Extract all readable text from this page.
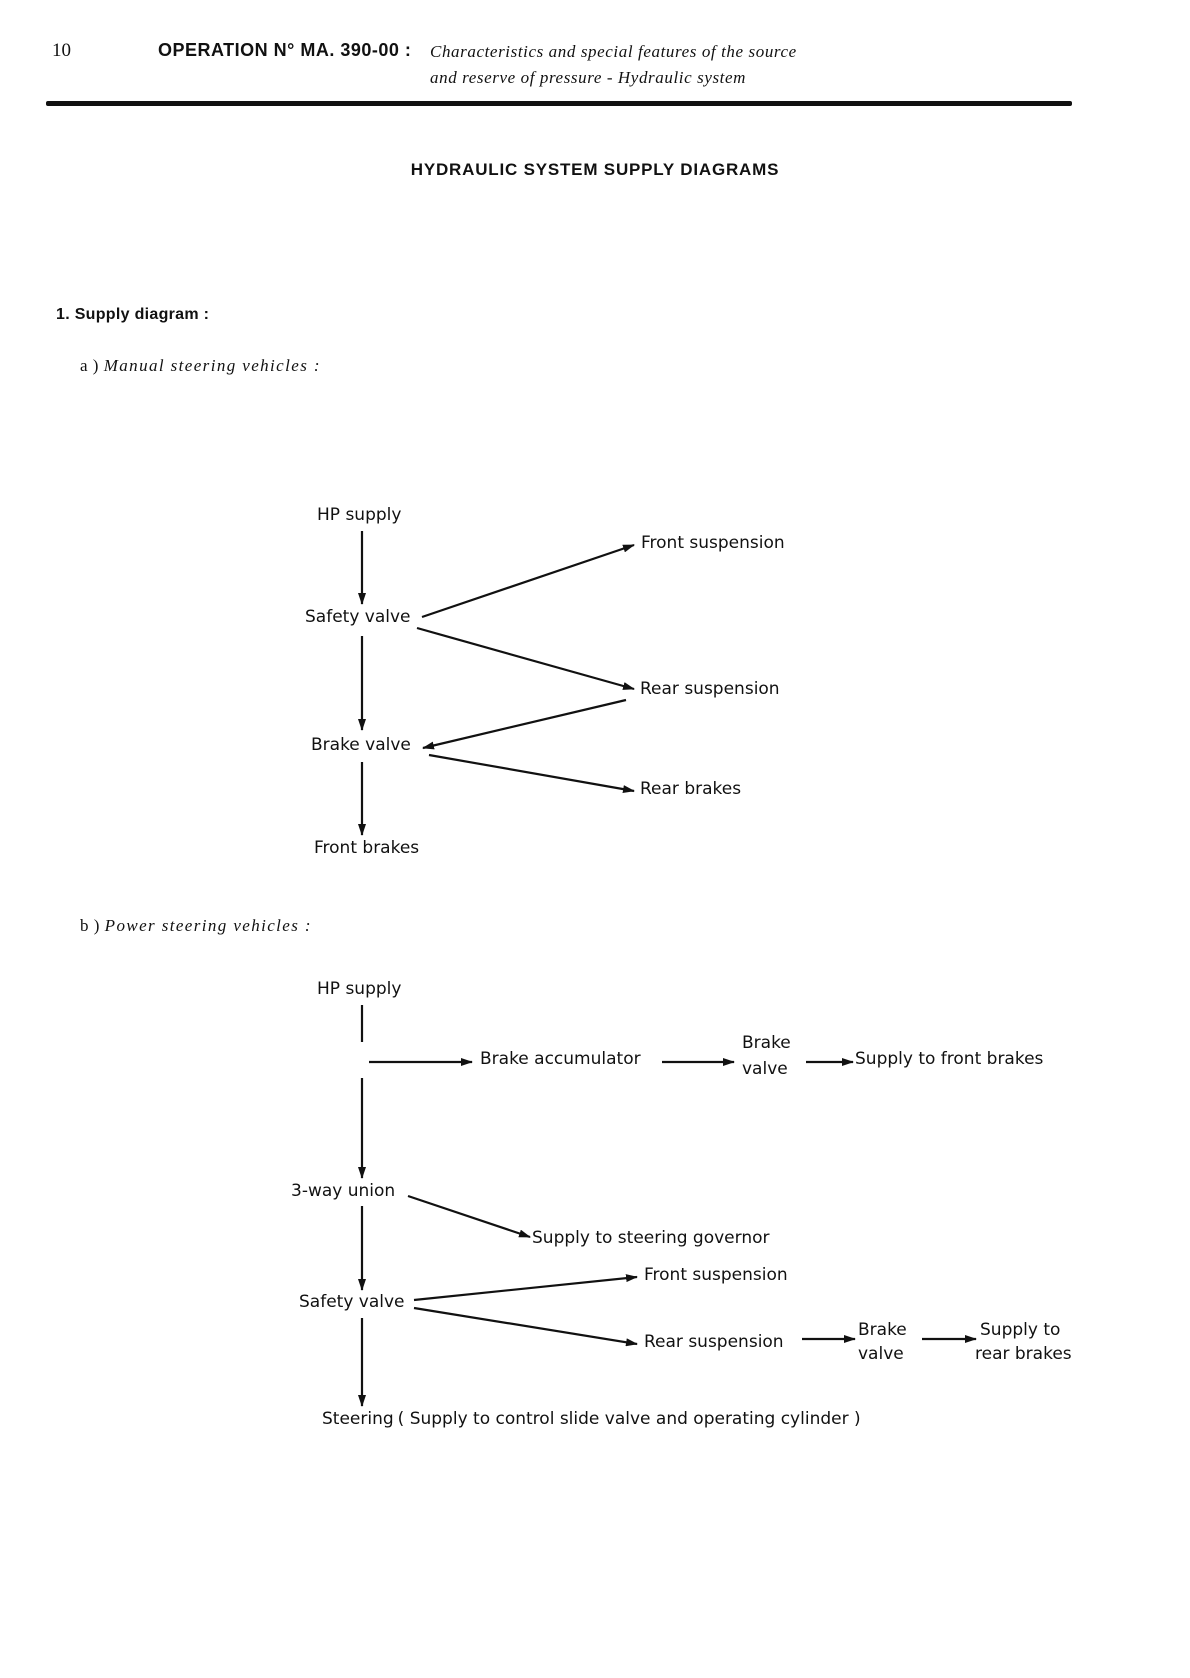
10	OPERATION N° MA. 390-00 : Characteristics and special features of the source
and reserve of pressure - Hydraulic system
HYDRAULIC SYSTEM SUPPLY DIAGRAMS
1. Supply diagram :
a ) Manual steering vehicles :
b ) Power steering vehicles :
HP supply
Safety valve
Brake valve
Front brakes
Front suspension
Rear suspension
Rear brakes
HP supply
Brake accumulator
Brake
valve	Supply to front brakes
3-way union
Supply to steering governor
Safety valve
Front suspension
Rear suspension
Brake
valve
Supply to
rear brakes
Steering ( Supply to control slide valve and operating cylinder )
